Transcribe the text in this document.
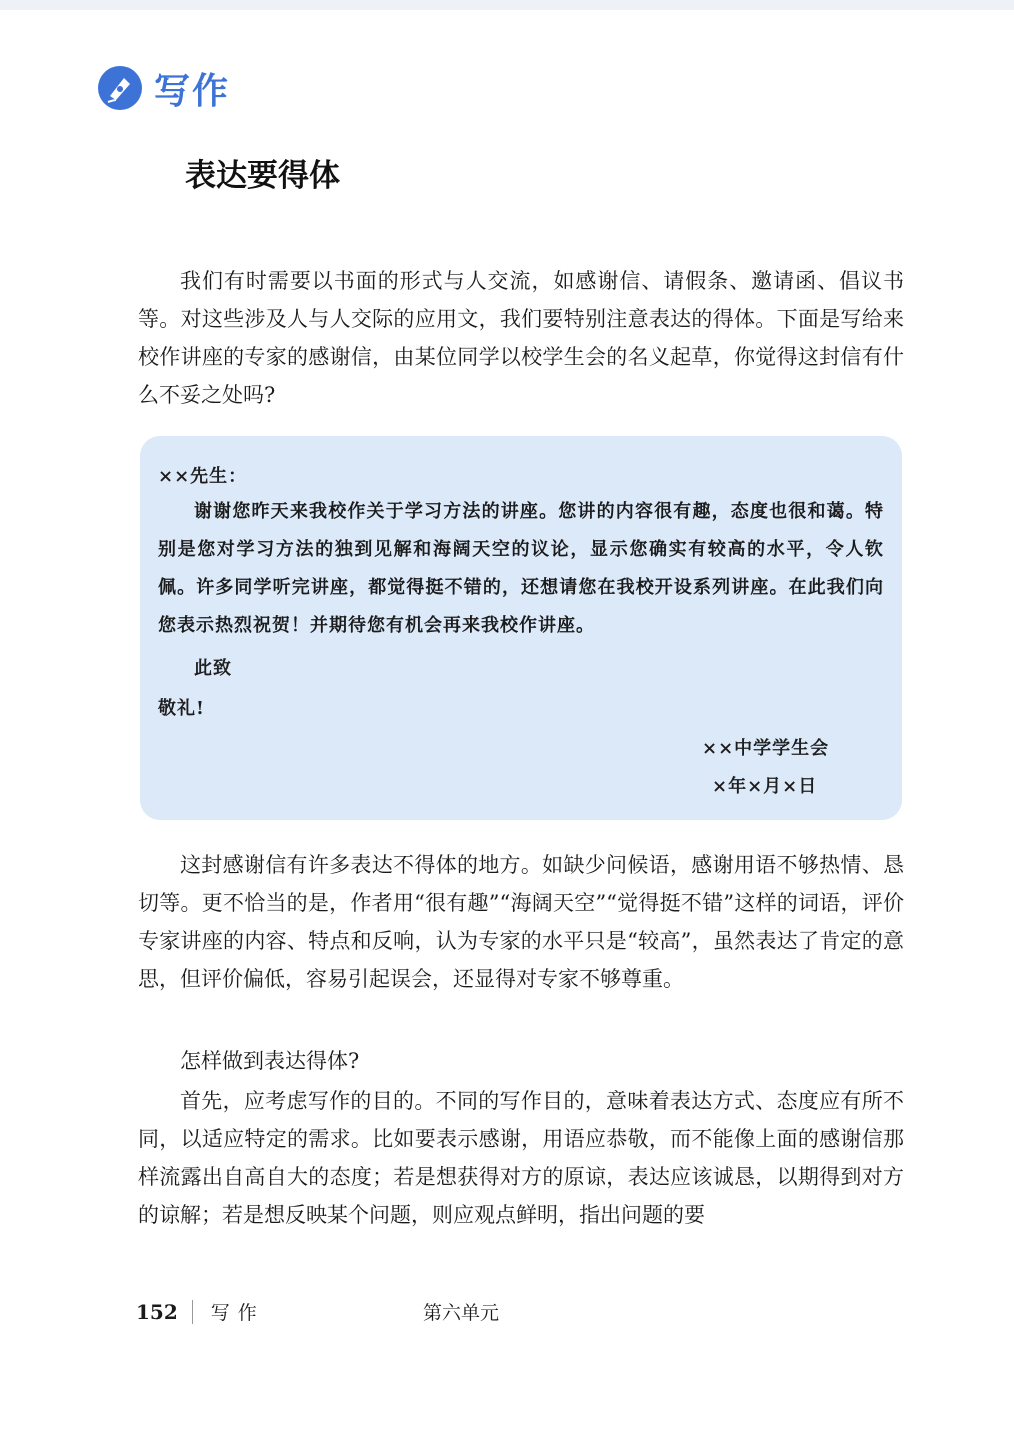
写作
表达要得体

我们有时需要以书面的形式与人交流，如感谢信、请假条、邀请函、倡议书等。对这些涉及人与人交际的应用文，我们要特别注意表达的得体。下面是写给来校作讲座的专家的感谢信，由某位同学以校学生会的名义起草，你觉得这封信有什么不妥之处吗?

××先生：

谢谢您昨天来我校作关于学习方法的讲座。您讲的内容很有趣，态度也很和蔼。特别是您对学习方法的独到见解和海阔天空的议论，显示您确实有较高的水平，令人钦佩。许多同学听完讲座，都觉得挺不错的，还想请您在我校开设系列讲座。在此我们向您表示热烈祝贺！并期待您有机会再来我校作讲座。

此致
敬礼!
××中学学生会
×年×月×日

这封感谢信有许多表达不得体的地方。如缺少问候语，感谢用语不够热情、恳切等。更不恰当的是，作者用“很有趣”“海阔天空”“觉得挺不错”这样的词语，评价专家讲座的内容、特点和反响，认为专家的水平只是“较高”，虽然表达了肯定的意思，但评价偏低，容易引起误会，还显得对专家不够尊重。

怎样做到表达得体?

首先，应考虑写作的目的。不同的写作目的，意味着表达方式、态度应有所不同，以适应特定的需求。比如要表示感谢，用语应恭敬，而不能像上面的感谢信那样流露出自高自大的态度；若是想获得对方的原谅，表达应该诚恳，以期得到对方的谅解；若是想反映某个问题，则应观点鲜明，指出问题的要

152 写作	第六单元
